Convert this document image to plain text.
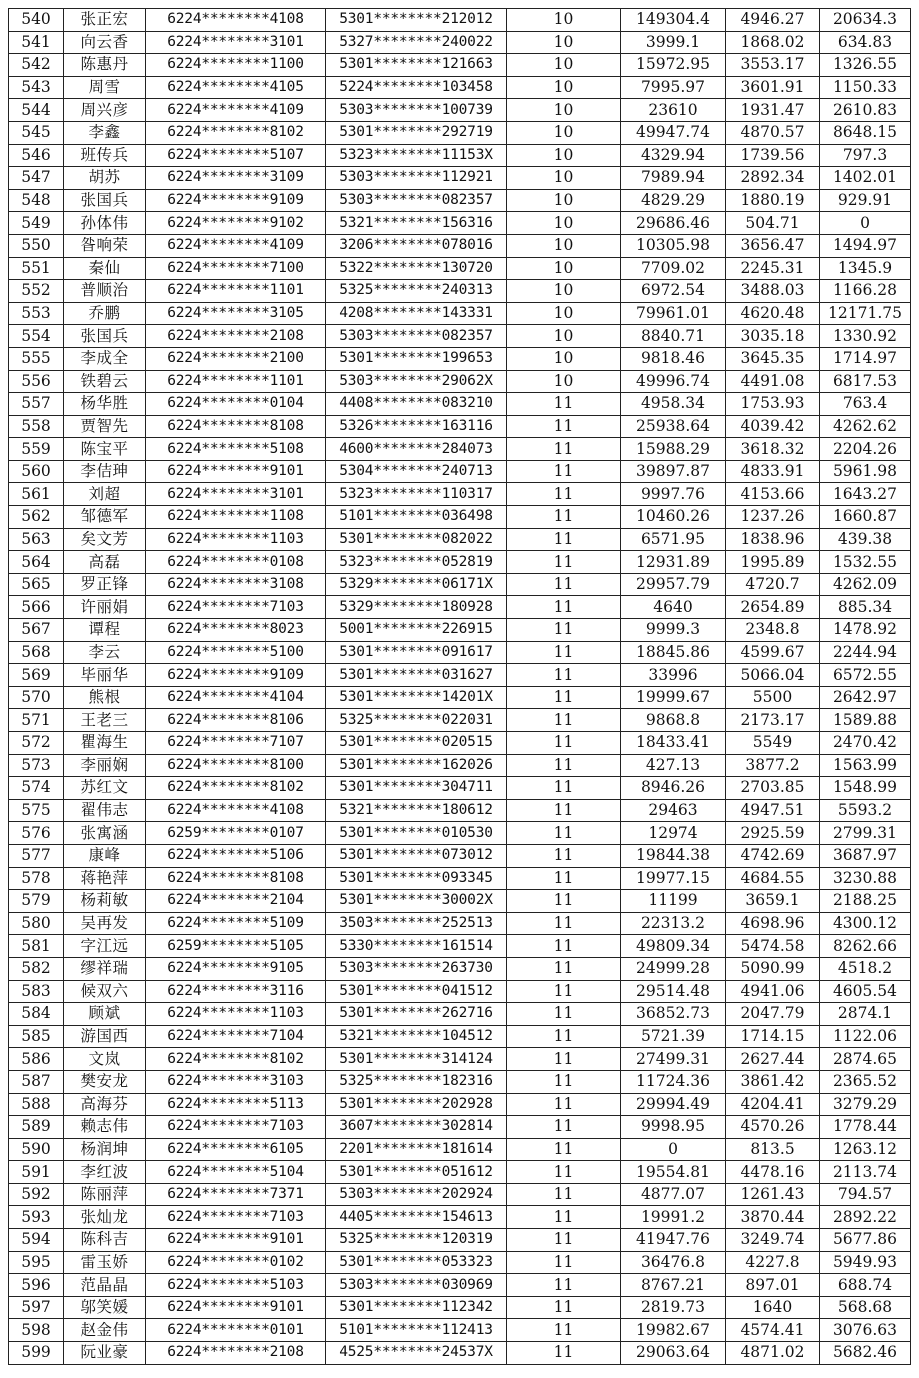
540	张正宏	6224********4108	5301********212012	10	149304.4	4946.27	20634.3
541	向云香	6224********3101	5327********240022	10	3999.1	1868.02	634.83
542	陈惠丹	6224********1100	5301********121663	10	15972.95	3553.17	1326.55
543	周雪	6224********4105	5224********103458	10	7995.97	3601.91	1150.33
544	周兴彦	6224********4109	5303********100739	10	23610	1931.47	2610.83
545	李鑫	6224********8102	5301********292719	10	49947.74	4870.57	8648.15
546	班传兵	6224********5107	5323********11153X	10	4329.94	1739.56	797.3
547	胡苏	6224********3109	5303********112921	10	7989.94	2892.34	1402.01
548	张国兵	6224********9109	5303********082357	10	4829.29	1880.19	929.91
549	孙体伟	6224********9102	5321********156316	10	29686.46	504.71	0
550	昝响荣	6224********4109	3206********078016	10	10305.98	3656.47	1494.97
551	秦仙	6224********7100	5322********130720	10	7709.02	2245.31	1345.9
552	普顺治	6224********1101	5325********240313	10	6972.54	3488.03	1166.28
553	乔鹏	6224********3105	4208********143331	10	79961.01	4620.48	12171.75
554	张国兵	6224********2108	5303********082357	10	8840.71	3035.18	1330.92
555	李成全	6224********2100	5301********199653	10	9818.46	3645.35	1714.97
556	铁碧云	6224********1101	5303********29062X	10	49996.74	4491.08	6817.53
557	杨华胜	6224********0104	4408********083210	11	4958.34	1753.93	763.4
558	贾智先	6224********8108	5326********163116	11	25938.64	4039.42	4262.62
559	陈宝平	6224********5108	4600********284073	11	15988.29	3618.32	2204.26
560	李佶珅	6224********9101	5304********240713	11	39897.87	4833.91	5961.98
561	刘超	6224********3101	5323********110317	11	9997.76	4153.66	1643.27
562	邹德军	6224********1108	5101********036498	11	10460.26	1237.26	1660.87
563	矣文芳	6224********1103	5301********082022	11	6571.95	1838.96	439.38
564	高磊	6224********0108	5323********052819	11	12931.89	1995.89	1532.55
565	罗正锋	6224********3108	5329********06171X	11	29957.79	4720.7	4262.09
566	许丽娟	6224********7103	5329********180928	11	4640	2654.89	885.34
567	谭程	6224********8023	5001********226915	11	9999.3	2348.8	1478.92
568	李云	6224********5100	5301********091617	11	18845.86	4599.67	2244.94
569	毕丽华	6224********9109	5301********031627	11	33996	5066.04	6572.55
570	熊根	6224********4104	5301********14201X	11	19999.67	5500	2642.97
571	王老三	6224********8106	5325********022031	11	9868.8	2173.17	1589.88
572	瞿海生	6224********7107	5301********020515	11	18433.41	5549	2470.42
573	李丽娴	6224********8100	5301********162026	11	427.13	3877.2	1563.99
574	苏红文	6224********8102	5301********304711	11	8946.26	2703.85	1548.99
575	翟伟志	6224********4108	5321********180612	11	29463	4947.51	5593.2
576	张寓涵	6259********0107	5301********010530	11	12974	2925.59	2799.31
577	康峰	6224********5106	5301********073012	11	19844.38	4742.69	3687.97
578	蒋艳萍	6224********8108	5301********093345	11	19977.15	4684.55	3230.88
579	杨莉敏	6224********2104	5301********30002X	11	11199	3659.1	2188.25
580	吴再发	6224********5109	3503********252513	11	22313.2	4698.96	4300.12
581	字江远	6259********5105	5330********161514	11	49809.34	5474.58	8262.66
582	缪祥瑞	6224********9105	5303********263730	11	24999.28	5090.99	4518.2
583	候双六	6224********3116	5301********041512	11	29514.48	4941.06	4605.54
584	顾斌	6224********1103	5301********262716	11	36852.73	2047.79	2874.1
585	游国西	6224********7104	5321********104512	11	5721.39	1714.15	1122.06
586	文岚	6224********8102	5301********314124	11	27499.31	2627.44	2874.65
587	樊安龙	6224********3103	5325********182316	11	11724.36	3861.42	2365.52
588	高海芬	6224********5113	5301********202928	11	29994.49	4204.41	3279.29
589	赖志伟	6224********7103	3607********302814	11	9998.95	4570.26	1778.44
590	杨润坤	6224********6105	2201********181614	11	0	813.5	1263.12
591	李红波	6224********5104	5301********051612	11	19554.81	4478.16	2113.74
592	陈丽萍	6224********7371	5303********202924	11	4877.07	1261.43	794.57
593	张灿龙	6224********7103	4405********154613	11	19991.2	3870.44	2892.22
594	陈科吉	6224********9101	5325********120319	11	41947.76	3249.74	5677.86
595	雷玉娇	6224********0102	5301********053323	11	36476.8	4227.8	5949.93
596	范晶晶	6224********5103	5303********030969	11	8767.21	897.01	688.74
597	邬笑媛	6224********9101	5301********112342	11	2819.73	1640	568.68
598	赵金伟	6224********0101	5101********112413	11	19982.67	4574.41	3076.63
599	阮业豪	6224********2108	4525********24537X	11	29063.64	4871.02	5682.46
